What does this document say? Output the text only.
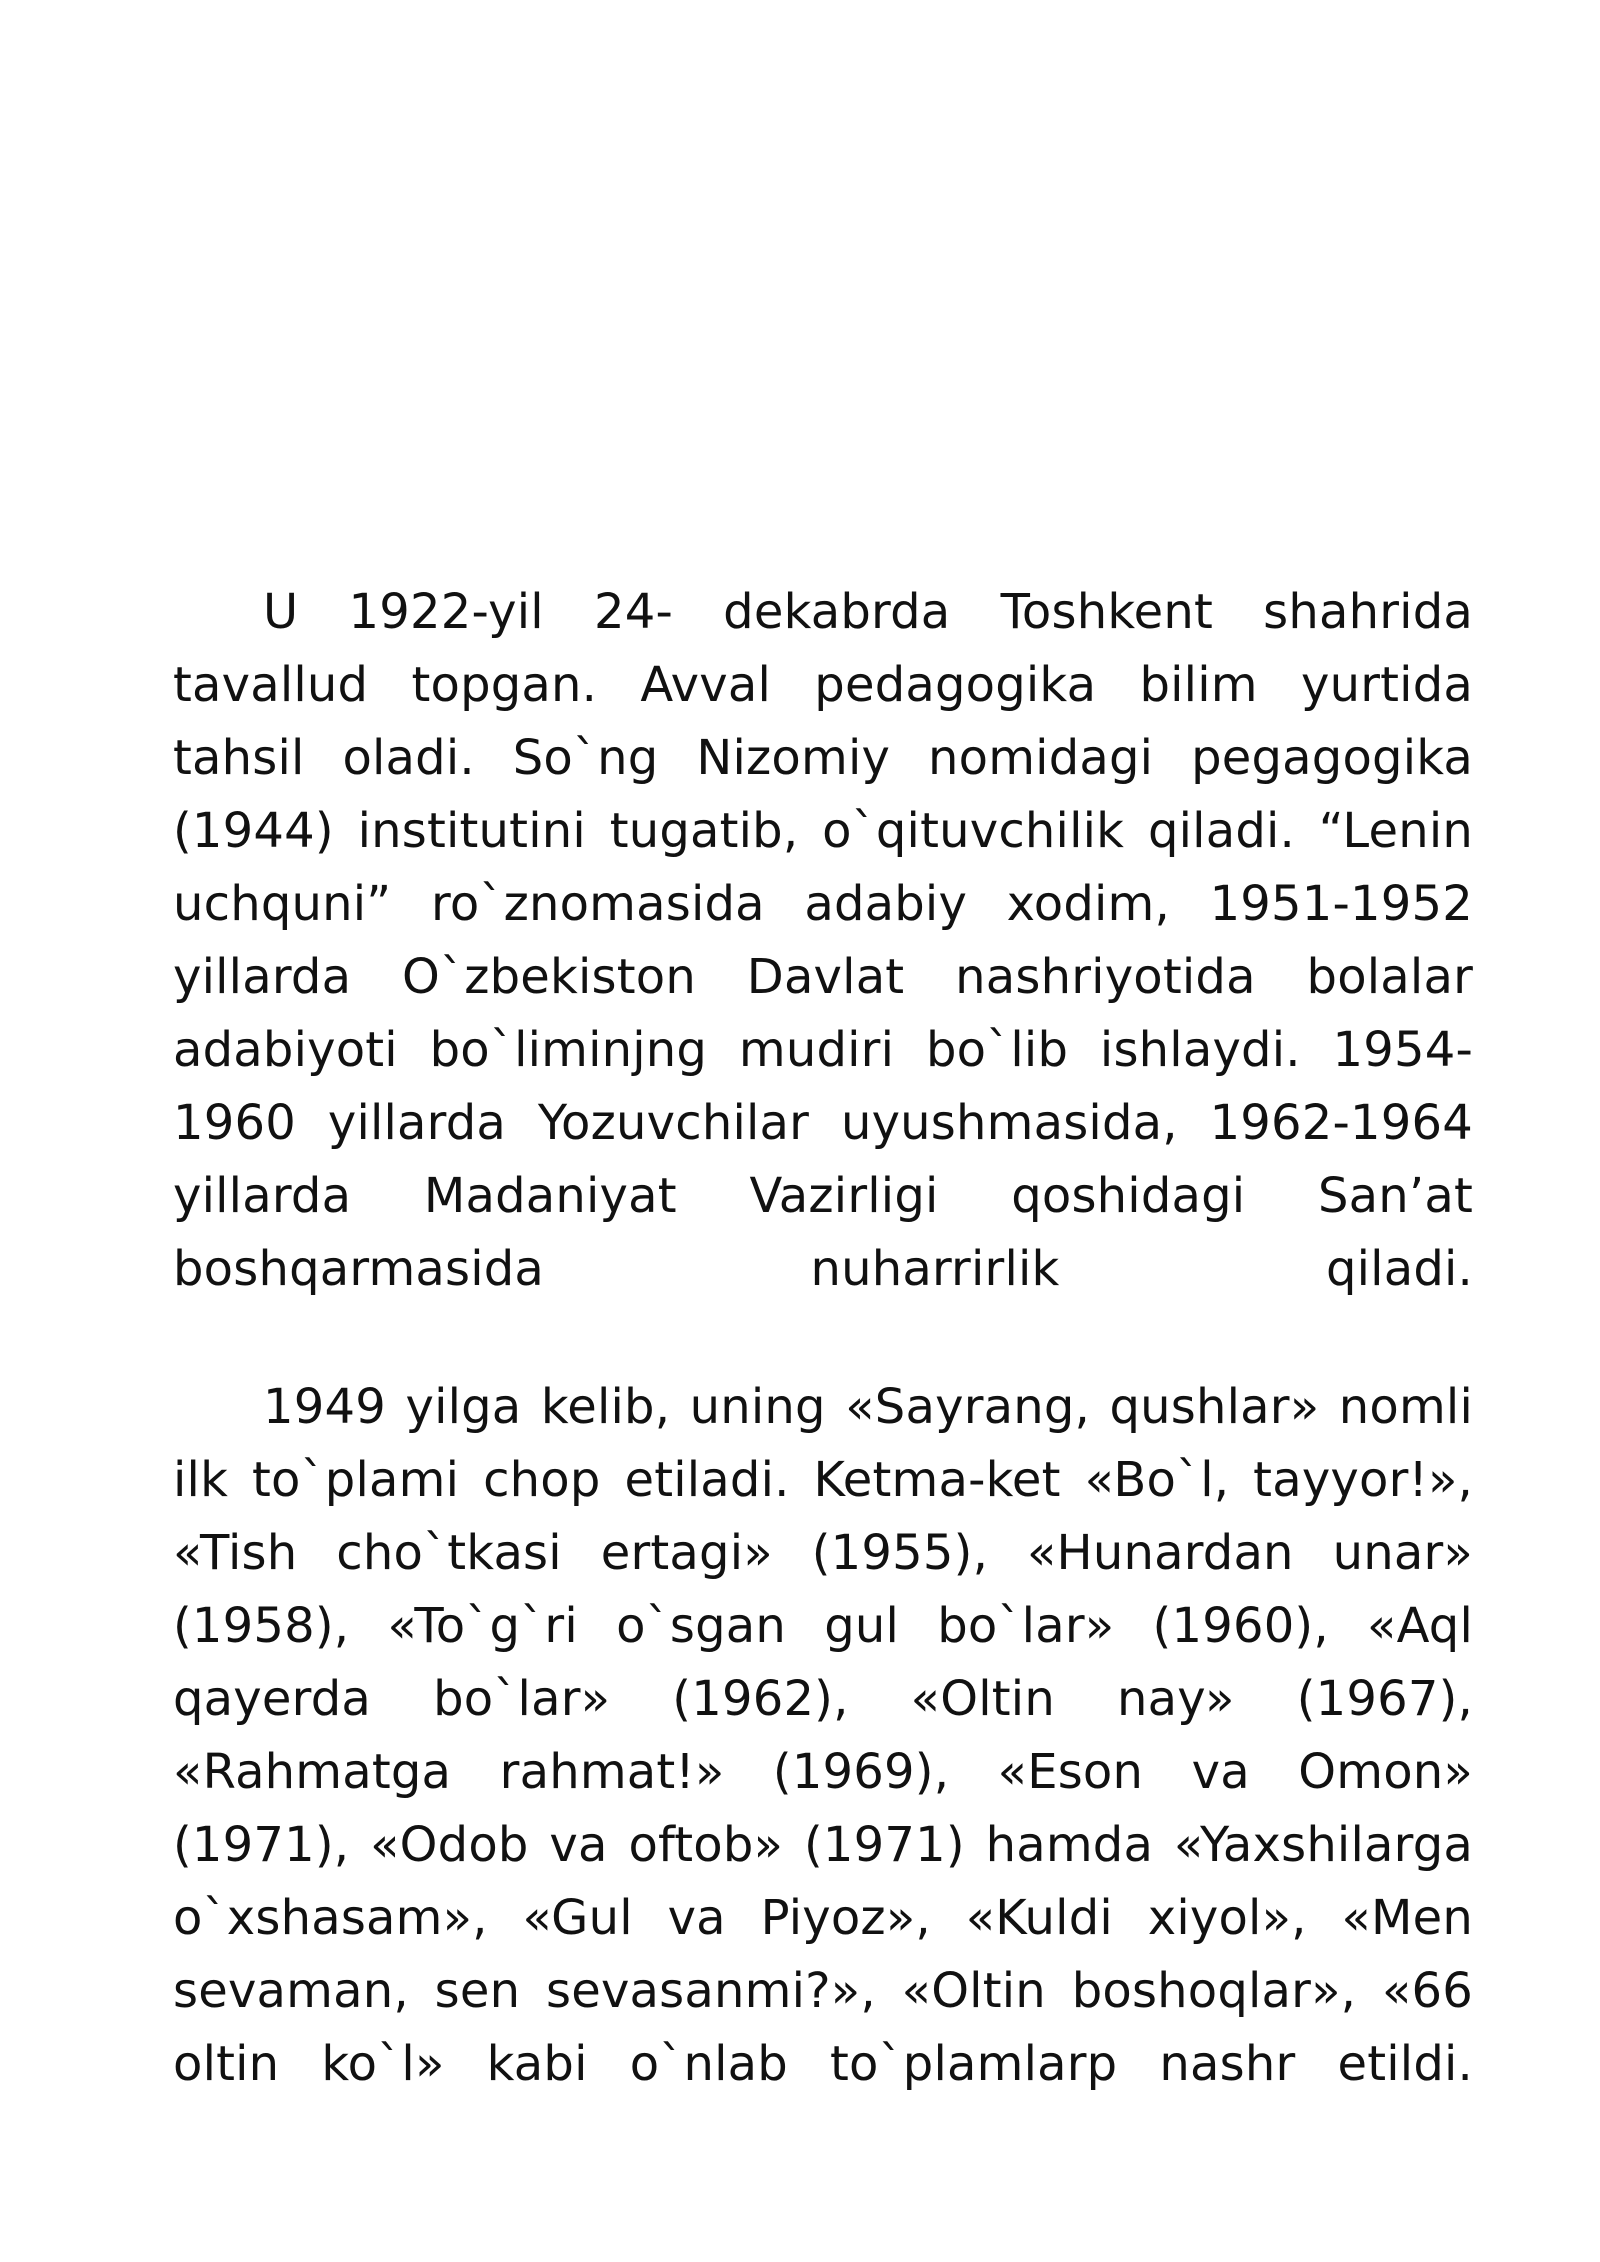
U 1922-yil 24- dekabrda Toshkent shahrida tavallud topgan. Avval pedagogika bilim yurtida tahsil oladi. So`ng Nizomiy nomidagi pegagogika (1944) institutini tugatib, o`qituvchilik qiladi. “Lenin uchquni” ro`znomasida adabiy xodim, 1951-1952 yillarda O`zbekiston Davlat nashriyotida bolalar adabiyoti bo`liminjng mudiri bo`lib ishlaydi. 1954-1960 yillarda Yozuvchilar uyushmasida, 1962-1964 yillarda Madaniyat Vazirligi qoshidagi San’at boshqarmasida nuharrirlik qiladi.

1949 yilga kelib, uning «Sayrang, qushlar» nomli ilk to`plami chop etiladi. Ketma-ket «Bo`l, tayyor!», «Tish cho`tkasi ertagi» (1955), «Hunardan unar» (1958), «To`g`ri o`sgan gul bo`lar» (1960), «Aql qayerda bo`lar» (1962), «Oltin nay» (1967), «Rahmatga rahmat!» (1969), «Eson va Omon» (1971), «Odob va oftob» (1971) hamda «Yaxshilarga o`xshasam», «Gul va Piyoz», «Kuldi xiyol», «Men sevaman, sen sevasanmi?», «Oltin boshoqlar», «66 oltin ko`l» kabi o`nlab to`plamlarp nashr etildi.
